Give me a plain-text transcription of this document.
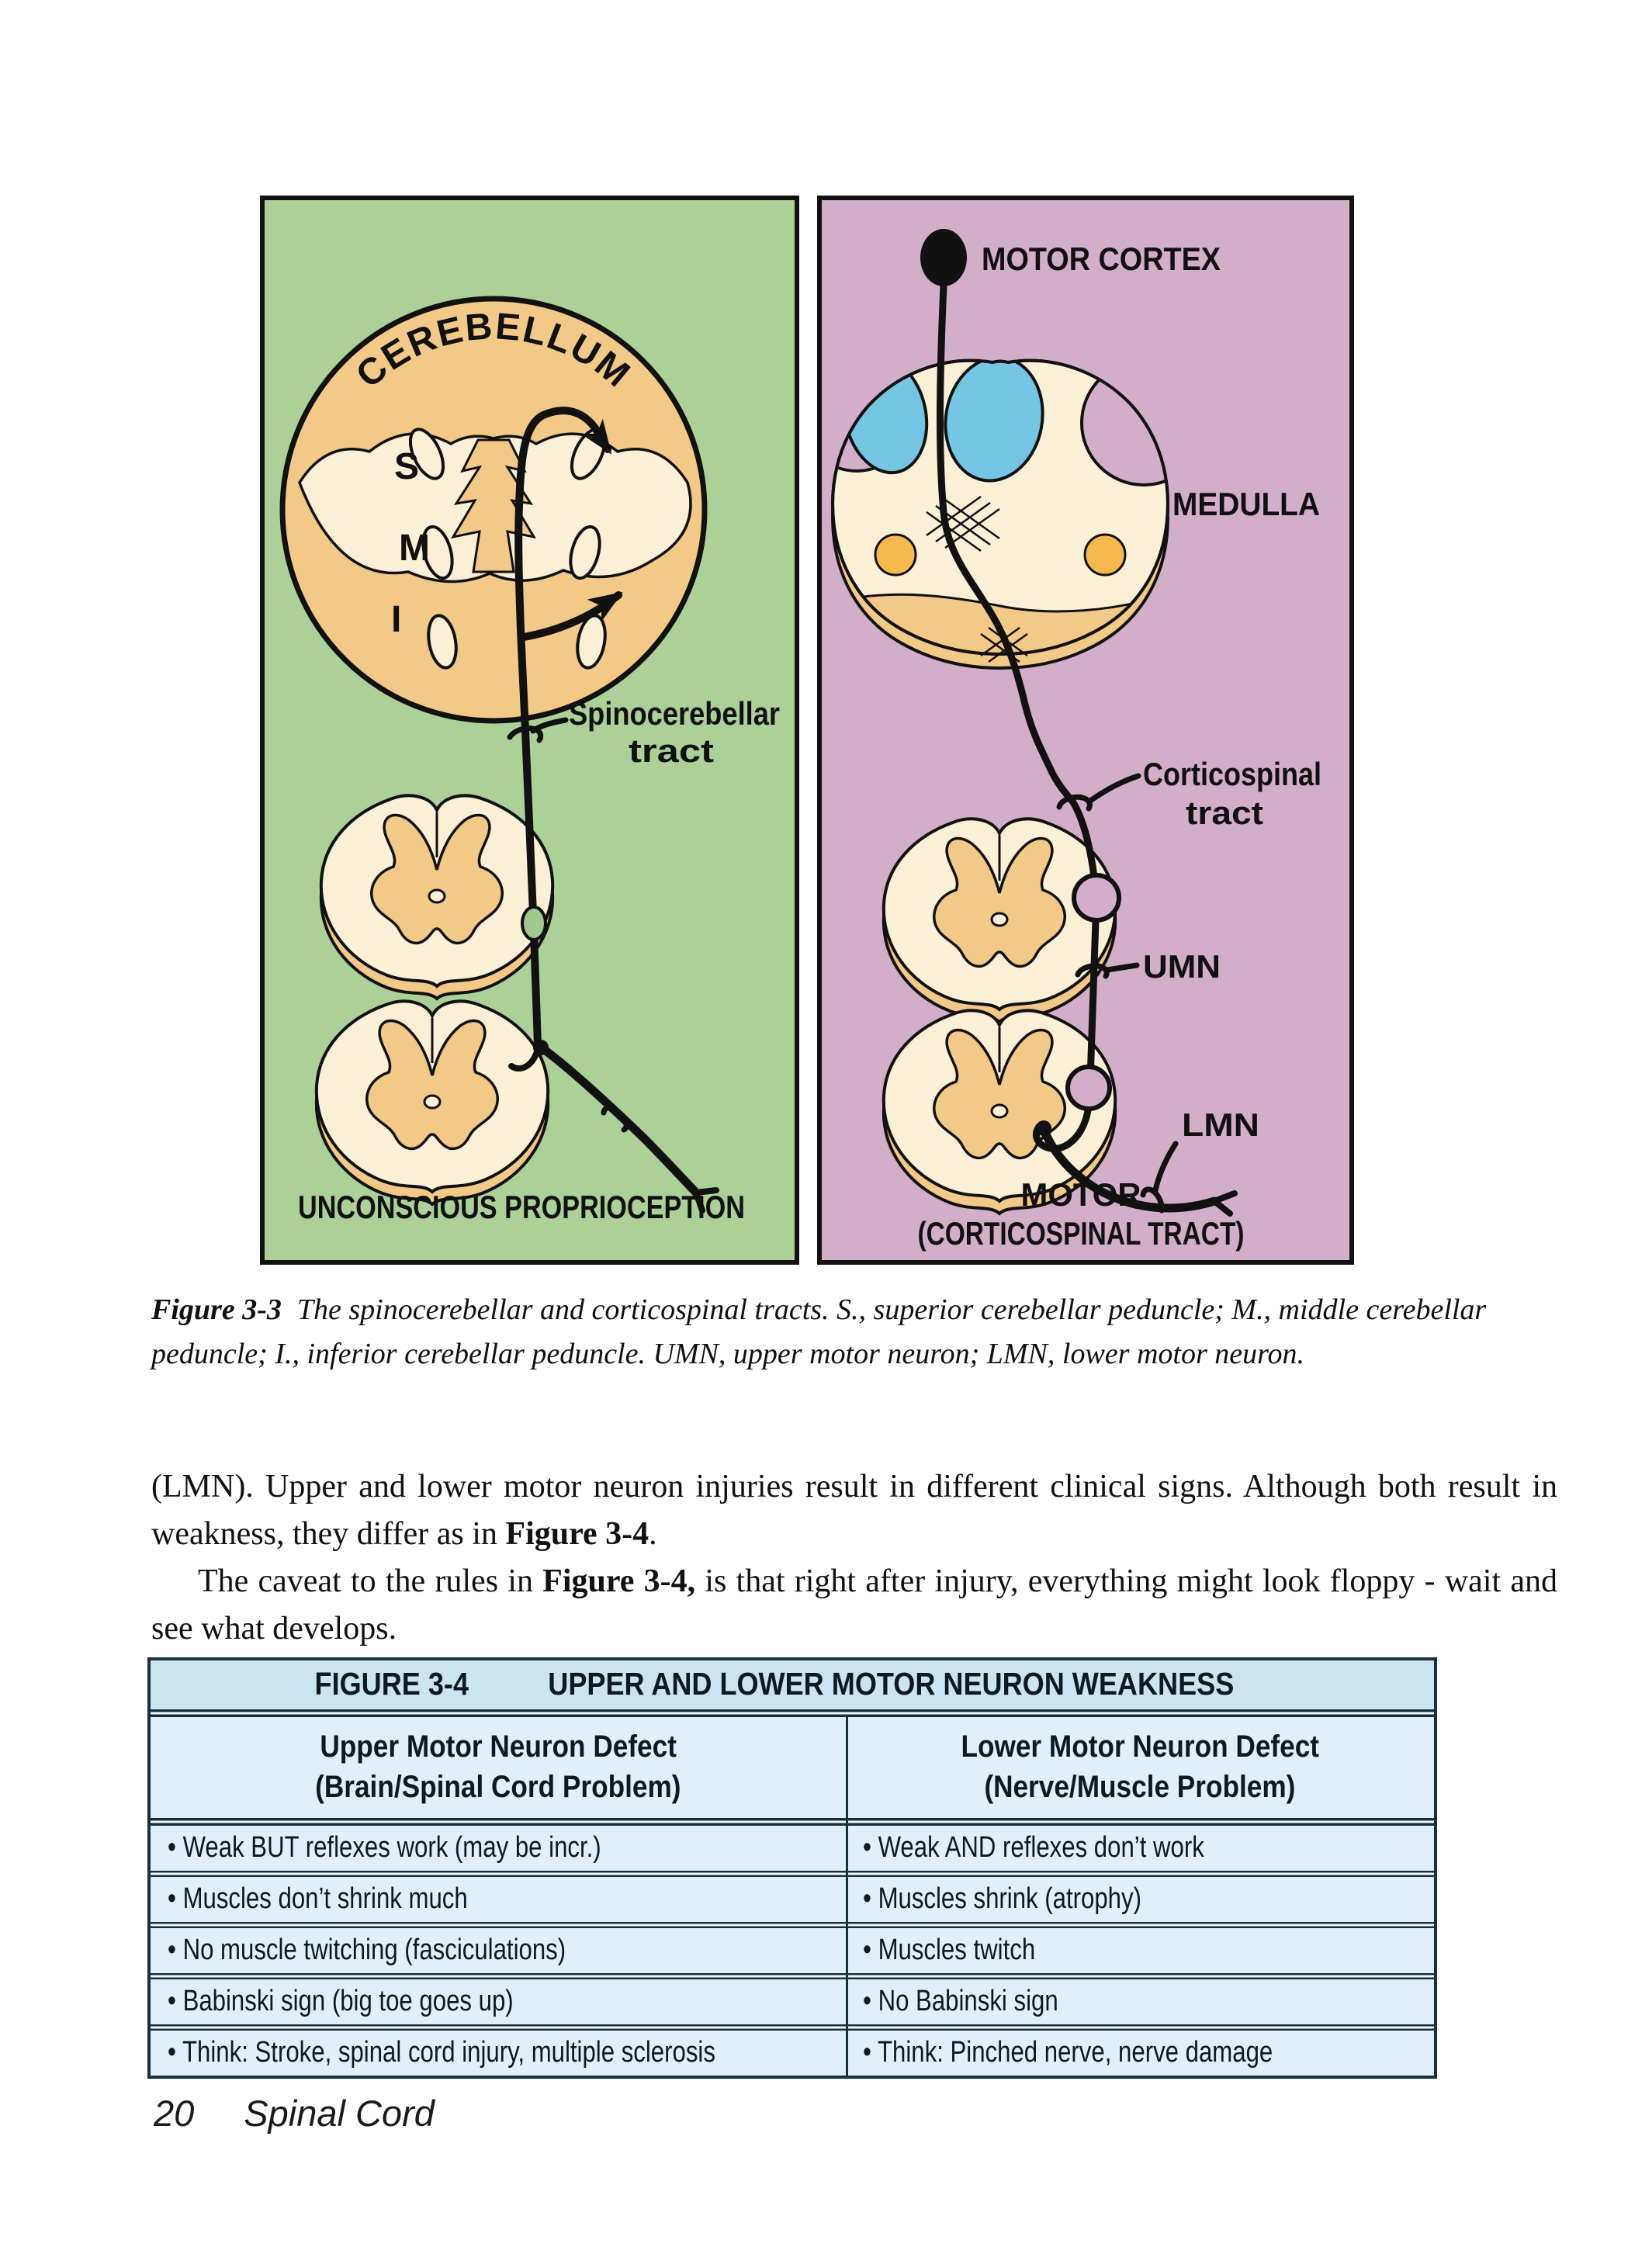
S
M
I
CEREBELLUM
Spinocerebellar
tract
UNCONSCIOUS PROPRIOCEPTION
MOTOR CORTEX
MEDULLA
Corticospinal
tract
UMN
LMN
MOTOR
(CORTICOSPINAL TRACT)
Figure 3-3 The spinocerebellar and corticospinal tracts. S., superior cerebellar peduncle; M., middle cerebellar peduncle; I., inferior cerebellar peduncle. UMN, upper motor neuron; LMN, lower motor neuron.

(LMN). Upper and lower motor neuron injuries result in different clinical signs. Although both result in weakness, they differ as in Figure 3-4.

The caveat to the rules in Figure 3-4, is that right after injury, everything might look floppy - wait and see what develops.

FIGURE 3-4 UPPER AND LOWER MOTOR NEURON WEAKNESS
Upper Motor Neuron Defect
(Brain/Spinal Cord Problem)
Lower Motor Neuron Defect
(Nerve/Muscle Problem)
• Weak BUT reflexes work (may be incr.)	• Weak AND reflexes don’t work
• Muscles don’t shrink much	• Muscles shrink (atrophy)
• No muscle twitching (fasciculations)	• Muscles twitch
• Babinski sign (big toe goes up)	• No Babinski sign
• Think: Stroke, spinal cord injury, multiple sclerosis	• Think: Pinched nerve, nerve damage
20 Spinal Cord
